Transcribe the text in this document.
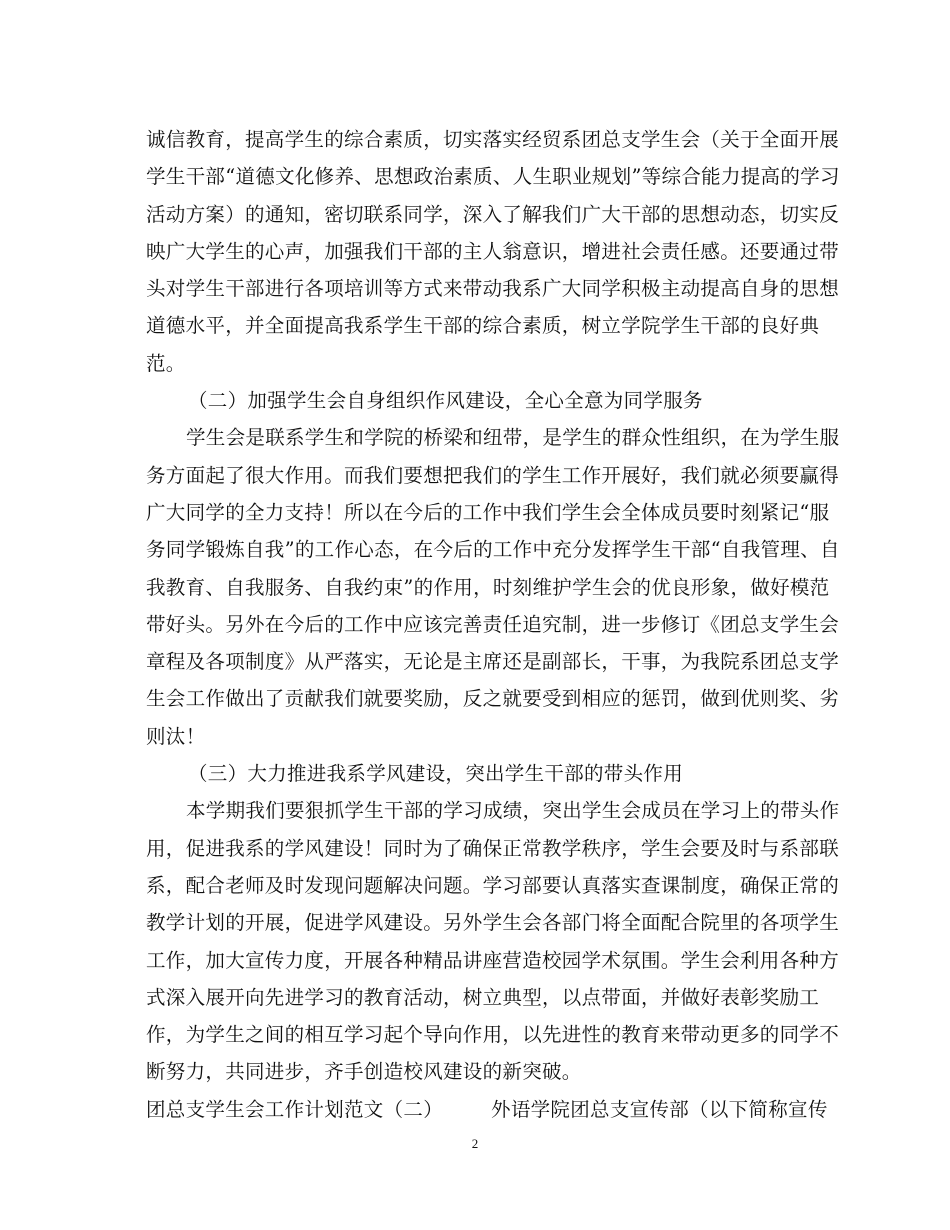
诚信教育，提高学生的综合素质，切实落实经贸系团总支学生会（关于全面开展
学生干部“道德文化修养、思想政治素质、人生职业规划”等综合能力提高的学习
活动方案）的通知，密切联系同学，深入了解我们广大干部的思想动态，切实反
映广大学生的心声，加强我们干部的主人翁意识，增进社会责任感。还要通过带
头对学生干部进行各项培训等方式来带动我系广大同学积极主动提高自身的思想
道德水平，并全面提高我系学生干部的综合素质，树立学院学生干部的良好典
范。
（二）加强学生会自身组织作风建设，全心全意为同学服务
学生会是联系学生和学院的桥梁和纽带，是学生的群众性组织，在为学生服
务方面起了很大作用。而我们要想把我们的学生工作开展好，我们就必须要赢得
广大同学的全力支持！所以在今后的工作中我们学生会全体成员要时刻紧记“服
务同学锻炼自我”的工作心态，在今后的工作中充分发挥学生干部“自我管理、自
我教育、自我服务、自我约束”的作用，时刻维护学生会的优良形象，做好模范
带好头。另外在今后的工作中应该完善责任追究制，进一步修订《团总支学生会
章程及各项制度》从严落实，无论是主席还是副部长，干事，为我院系团总支学
生会工作做出了贡献我们就要奖励，反之就要受到相应的惩罚，做到优则奖、劣
则汰！
（三）大力推进我系学风建设，突出学生干部的带头作用
本学期我们要狠抓学生干部的学习成绩，突出学生会成员在学习上的带头作
用，促进我系的学风建设！同时为了确保正常教学秩序，学生会要及时与系部联
系，配合老师及时发现问题解决问题。学习部要认真落实查课制度，确保正常的
教学计划的开展，促进学风建设。另外学生会各部门将全面配合院里的各项学生
工作，加大宣传力度，开展各种精品讲座营造校园学术氛围。学生会利用各种方
式深入展开向先进学习的教育活动，树立典型，以点带面，并做好表彰奖励工
作，为学生之间的相互学习起个导向作用，以先进性的教育来带动更多的同学不
断努力，共同进步，齐手创造校风建设的新突破。
团总支学生会工作计划范文（二） 外语学院团总支宣传部（以下简称宣传
2
